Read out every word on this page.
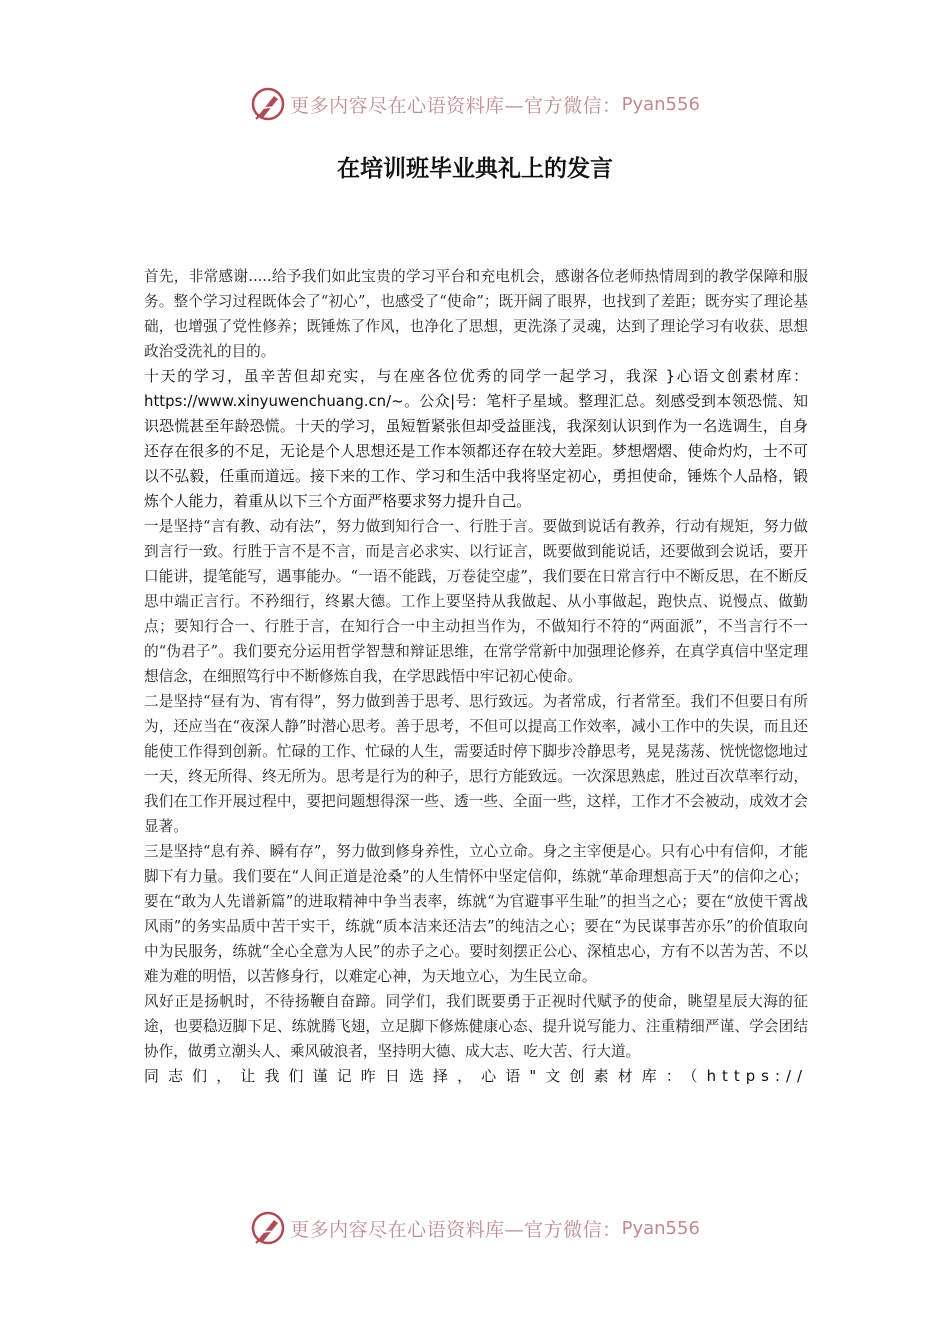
更多内容尽在心语资料库—官方微信： Pyan556
在培训班毕业典礼上的发言

首先，非常感谢.....给予我们如此宝贵的学习平台和充电机会，感谢各位老师热情周到的教学保障和服务。整个学习过程既体会了“初心”，也感受了“使命”；既开阔了眼界，也找到了差距；既夯实了理论基础，也增强了党性修养；既锤炼了作风，也净化了思想，更洗涤了灵魂，达到了理论学习有收获、思想政治受洗礼的目的。

十天的学习，虽辛苦但却充实，与在座各位优秀的同学一起学习，我深 }心语文创素材库：https://www.xinyuwenchuang.cn/~。公众|号：笔杆子星域。整理汇总。刻感受到本领恐慌、知识恐慌甚至年龄恐慌。十天的学习，虽短暂紧张但却受益匪浅，我深刻认识到作为一名选调生，自身还存在很多的不足，无论是个人思想还是工作本领都还存在较大差距。梦想熠熠、使命灼灼，士不可以不弘毅，任重而道远。接下来的工作、学习和生活中我将坚定初心，勇担使命，锤炼个人品格，锻炼个人能力，着重从以下三个方面严格要求努力提升自己。

一是坚持“言有教、动有法”，努力做到知行合一、行胜于言。要做到说话有教养，行动有规矩，努力做到言行一致。行胜于言不是不言，而是言必求实、以行证言，既要做到能说话，还要做到会说话，要开口能讲，提笔能写，遇事能办。“一语不能践，万卷徒空虚”，我们要在日常言行中不断反思，在不断反思中端正言行。不矜细行，终累大德。工作上要坚持从我做起、从小事做起，跑快点、说慢点、做勤点；要知行合一、行胜于言，在知行合一中主动担当作为，不做知行不符的“两面派”，不当言行不一的“伪君子”。我们要充分运用哲学智慧和辩证思维，在常学常新中加强理论修养，在真学真信中坚定理想信念，在细照笃行中不断修炼自我，在学思践悟中牢记初心使命。

二是坚持“昼有为、宵有得”，努力做到善于思考、思行致远。为者常成，行者常至。我们不但要日有所为，还应当在“夜深人静”时潜心思考。善于思考，不但可以提高工作效率，减小工作中的失误，而且还能使工作得到创新。忙碌的工作、忙碌的人生，需要适时停下脚步冷静思考，晃晃荡荡、恍恍惚惚地过一天，终无所得、终无所为。思考是行为的种子，思行方能致远。一次深思熟虑，胜过百次草率行动，我们在工作开展过程中，要把问题想得深一些、透一些、全面一些，这样，工作才不会被动，成效才会显著。

三是坚持“息有养、瞬有存”，努力做到修身养性，立心立命。身之主宰便是心。只有心中有信仰，才能脚下有力量。我们要在“人间正道是沧桑”的人生情怀中坚定信仰，练就“革命理想高于天”的信仰之心；要在“敢为人先谱新篇”的进取精神中争当表率，练就“为官避事平生耻”的担当之心；要在“放使干霄战风雨”的务实品质中苦干实干，练就“质本洁来还洁去”的纯洁之心；要在“为民谋事苦亦乐”的价值取向中为民服务，练就“全心全意为人民”的赤子之心。要时刻摆正公心、深植忠心，方有不以苦为苦、不以难为难的明悟，以苦修身行，以难定心神，为天地立心，为生民立命。

风好正是扬帆时，不待扬鞭自奋蹄。同学们，我们既要勇于正视时代赋予的使命，眺望星辰大海的征途，也要稳迈脚下足、练就腾飞翅，立足脚下修炼健康心态、提升说写能力、注重精细严谨、学会团结协作，做勇立潮头人、乘风破浪者，坚持明大德、成大志、吃大苦、行大道。

同志们，让我们谨记昨日选择，心语"文创素材库：（https://

更多内容尽在心语资料库—官方微信： Pyan556
